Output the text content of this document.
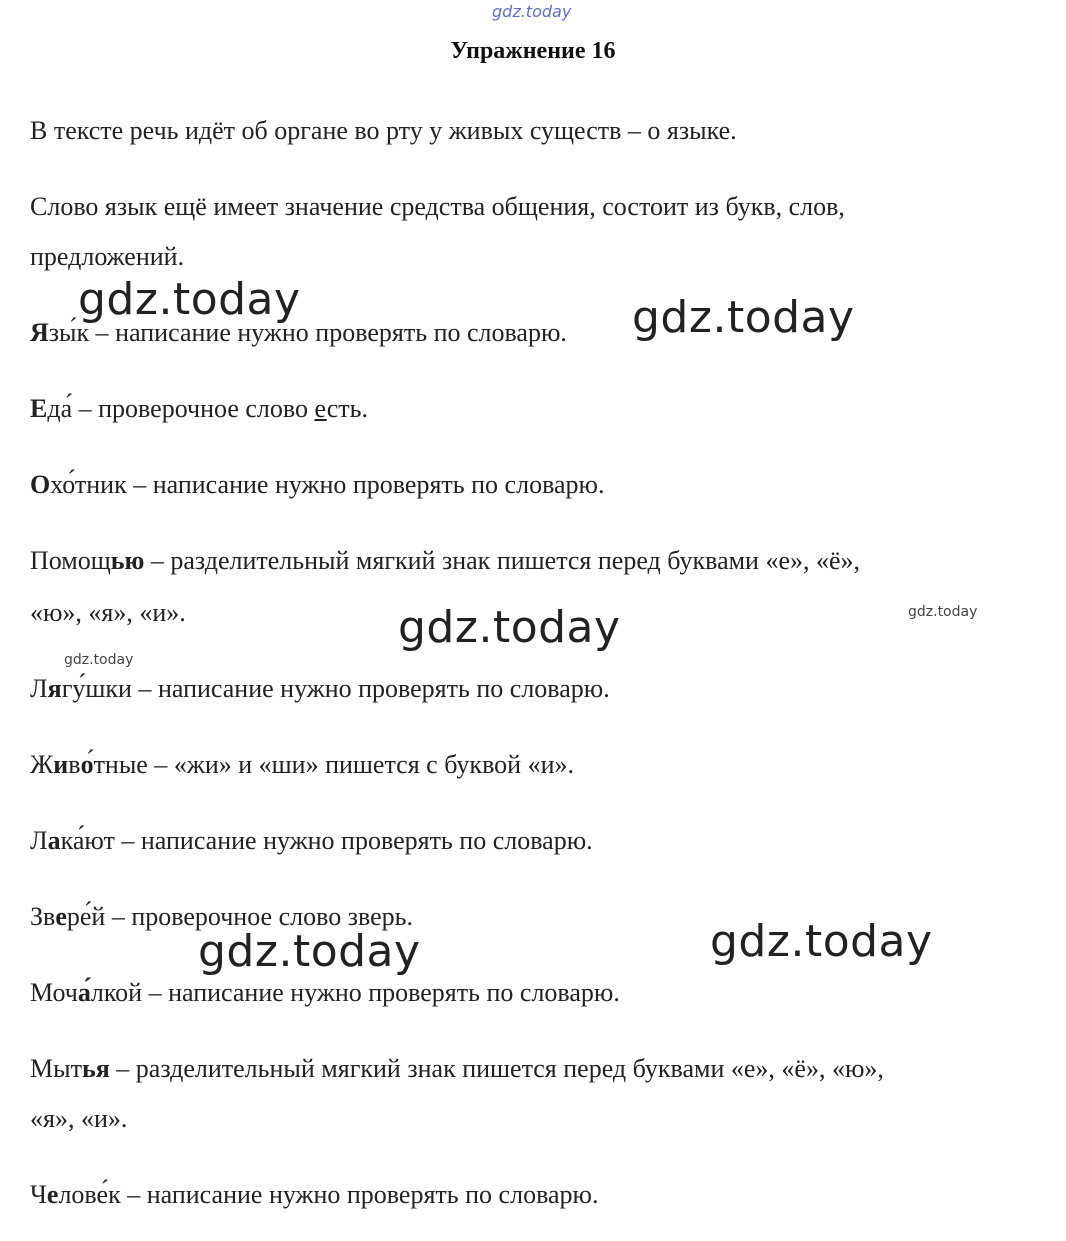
gdz.today
Упражнение 16
В тексте речь идёт об органе во рту у живых существ – о языке.
Слово язык ещё имеет значение средства общения, состоит из букв, слов,
предложений.
Язы́к – написание нужно проверять по словарю.
Еда́ – проверочное слово есть.
Охо́тник – написание нужно проверять по словарю.
Помощью – разделительный мягкий знак пишется перед буквами «е», «ё»,
«ю», «я», «и».
Лягу́шки – написание нужно проверять по словарю.
Живо́тные – «жи» и «ши» пишется с буквой «и».
Лака́ют – написание нужно проверять по словарю.
Звере́й – проверочное слово зверь.
Моча́лкой – написание нужно проверять по словарю.
Мытья – разделительный мягкий знак пишется перед буквами «е», «ё», «ю»,
«я», «и».
Челове́к – написание нужно проверять по словарю.
gdz.today	gdz.today
gdz.today	gdz.today
gdz.today
gdz.today	gdz.today
